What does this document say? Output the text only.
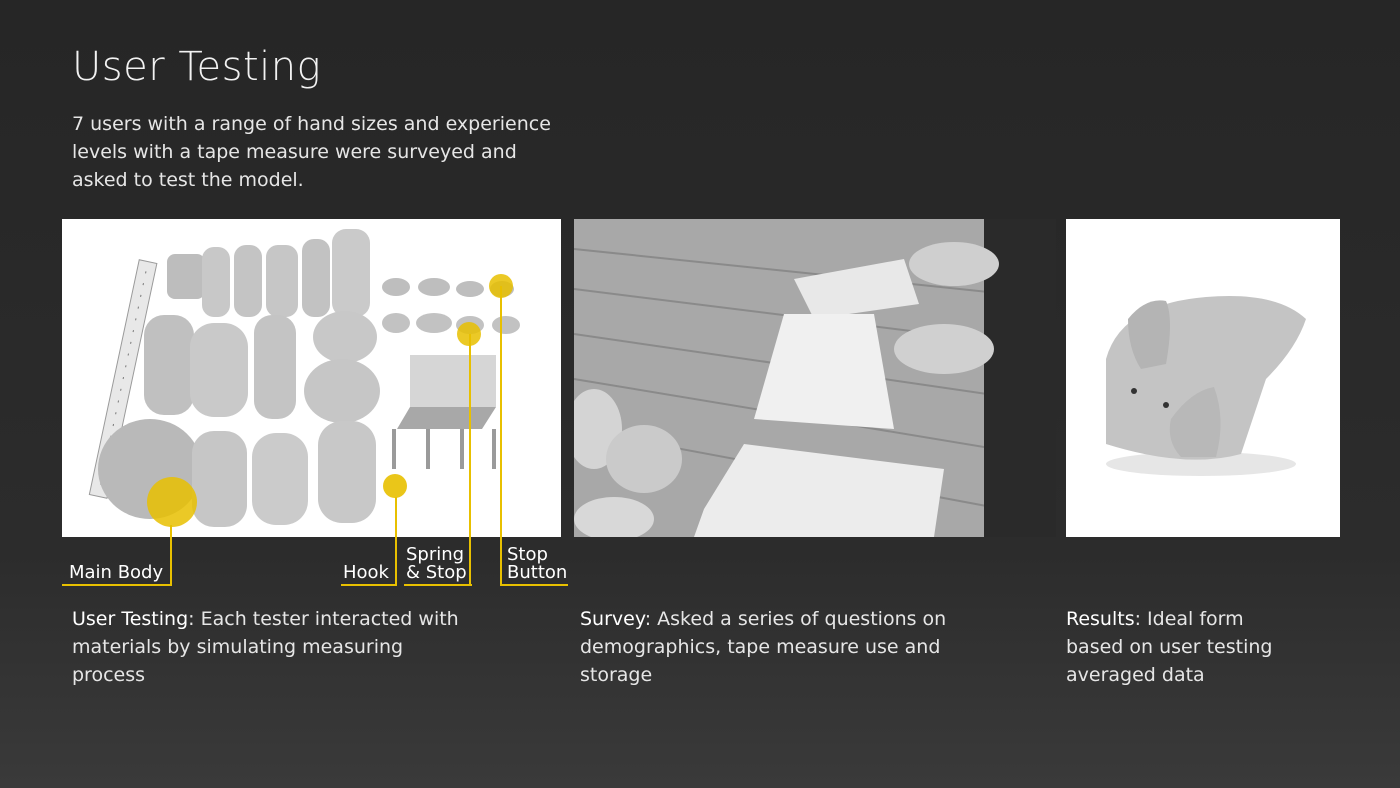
User Testing
7 users with a range of hand sizes and experience levels with a tape measure were surveyed and asked to test the model.
Main Body	Hook
Spring
& Stop
Stop
Button
User Testing: Each tester interacted with materials by simulating measuring process
Survey: Asked a series of questions on demographics, tape measure use and storage
Results: Ideal form based on user testing averaged data
